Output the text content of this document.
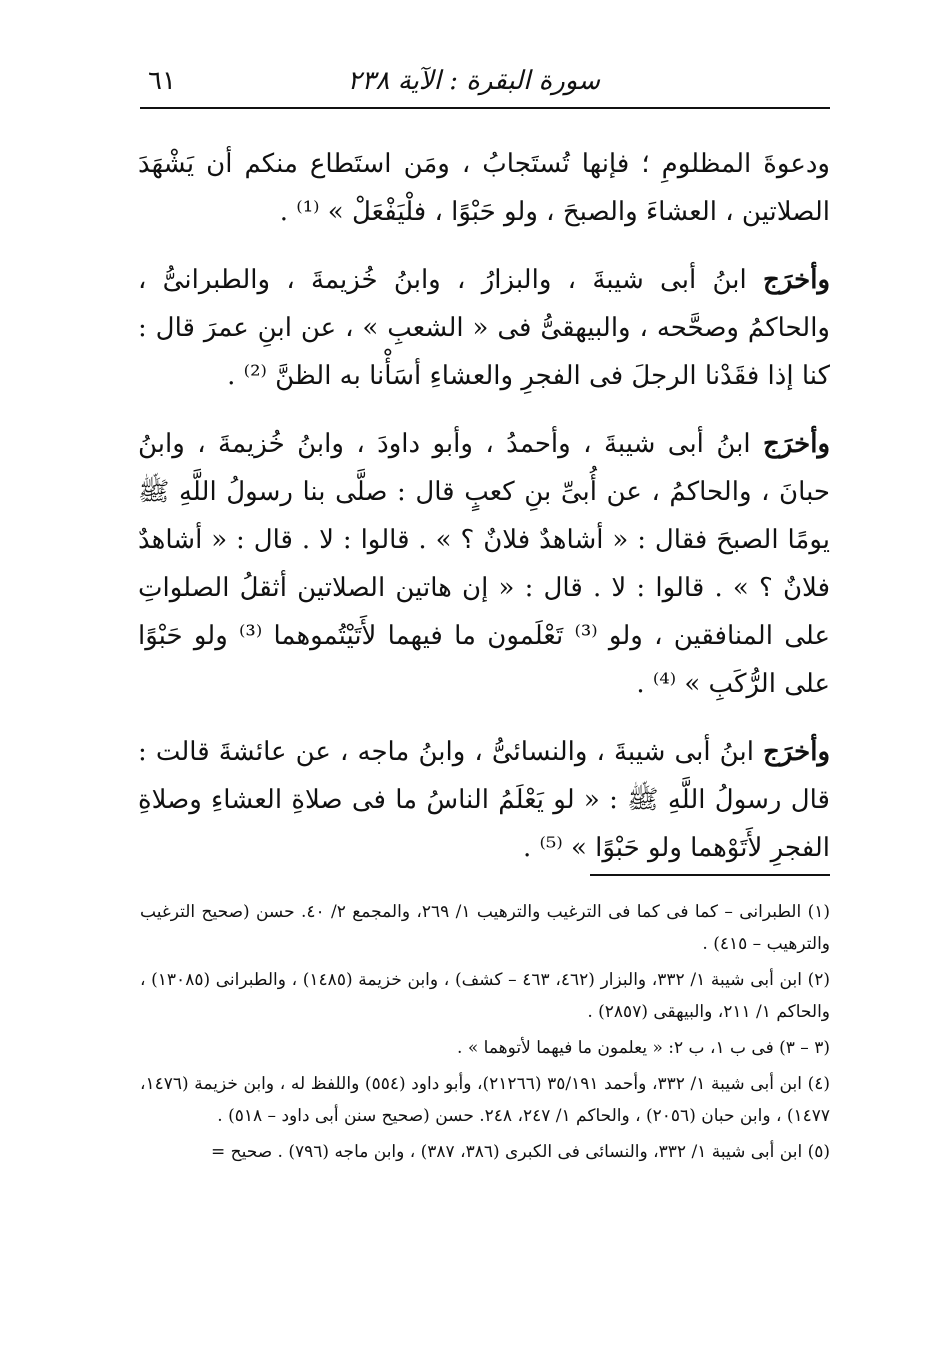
سورة البقرة : الآية ٢٣٨
٦١

ودعوةَ المظلومِ ؛ فإنها تُستَجابُ ، ومَن استَطاع منكم أن يَشْهَدَ الصلاتين ، العشاءَ والصبحَ ، ولو حَبْوًا ، فلْيَفْعَلْ » ⁽¹⁾ .

وأخرَج ابنُ أبى شيبةَ ، والبزارُ ، وابنُ خُزيمةَ ، والطبرانىُّ ، والحاكمُ وصحَّحه ، والبيهقىُّ فى « الشعبِ » ، عن ابنِ عمرَ قال : كنا إذا فقَدْنا الرجلَ فى الفجرِ والعشاءِ أسَأْنا به الظنَّ ⁽²⁾ .

وأخرَج ابنُ أبى شيبةَ ، وأحمدُ ، وأبو داودَ ، وابنُ خُزيمةَ ، وابنُ حبانَ ، والحاكمُ ، عن أُبىِّ بنِ كعبٍ قال : صلَّى بنا رسولُ اللَّهِ ﷺ يومًا الصبحَ فقال : « أشاهدٌ فلانٌ ؟ » . قالوا : لا . قال : « أشاهدٌ فلانٌ ؟ » . قالوا : لا . قال : « إن هاتين الصلاتين أثقلُ الصلواتِ على المنافقين ، ولو ⁽³⁾ تَعْلَمون ما فيهما لأَتَيْتُموهما ⁽³⁾ ولو حَبْوًا على الرُّكَبِ » ⁽⁴⁾ .

وأخرَج ابنُ أبى شيبةَ ، والنسائىُّ ، وابنُ ماجه ، عن عائشةَ قالت : قال رسولُ اللَّهِ ﷺ : « لو يَعْلَمُ الناسُ ما فى صلاةِ العشاءِ وصلاةِ الفجرِ لأَتَوْهما ولو حَبْوًا » ⁽⁵⁾ .

(١) الطبرانى – كما فى كما فى الترغيب والترهيب ١/ ٢٦٩، والمجمع ٢/ ٤٠. حسن (صحيح الترغيب والترهيب – ٤١٥) .

(٢) ابن أبى شيبة ١/ ٣٣٢، والبزار (٤٦٢، ٤٦٣ – كشف) ، وابن خزيمة (١٤٨٥) ، والطبرانى (١٣٠٨٥) ، والحاكم ١/ ٢١١، والبيهقى (٢٨٥٧) .

(٣ – ٣) فى ب ١، ب ٢: « يعلمون ما فيهما لأتوهما » .

(٤) ابن أبى شيبة ١/ ٣٣٢، وأحمد ٣٥/١٩١ (٢١٢٦٦)، وأبو داود (٥٥٤) واللفظ له ، وابن خزيمة (١٤٧٦، ١٤٧٧) ، وابن حبان (٢٠٥٦) ، والحاكم ١/ ٢٤٧، ٢٤٨. حسن (صحيح سنن أبى داود – ٥١٨) .

(٥) ابن أبى شيبة ١/ ٣٣٢، والنسائى فى الكبرى (٣٨٦، ٣٨٧) ، وابن ماجه (٧٩٦) . صحيح =
